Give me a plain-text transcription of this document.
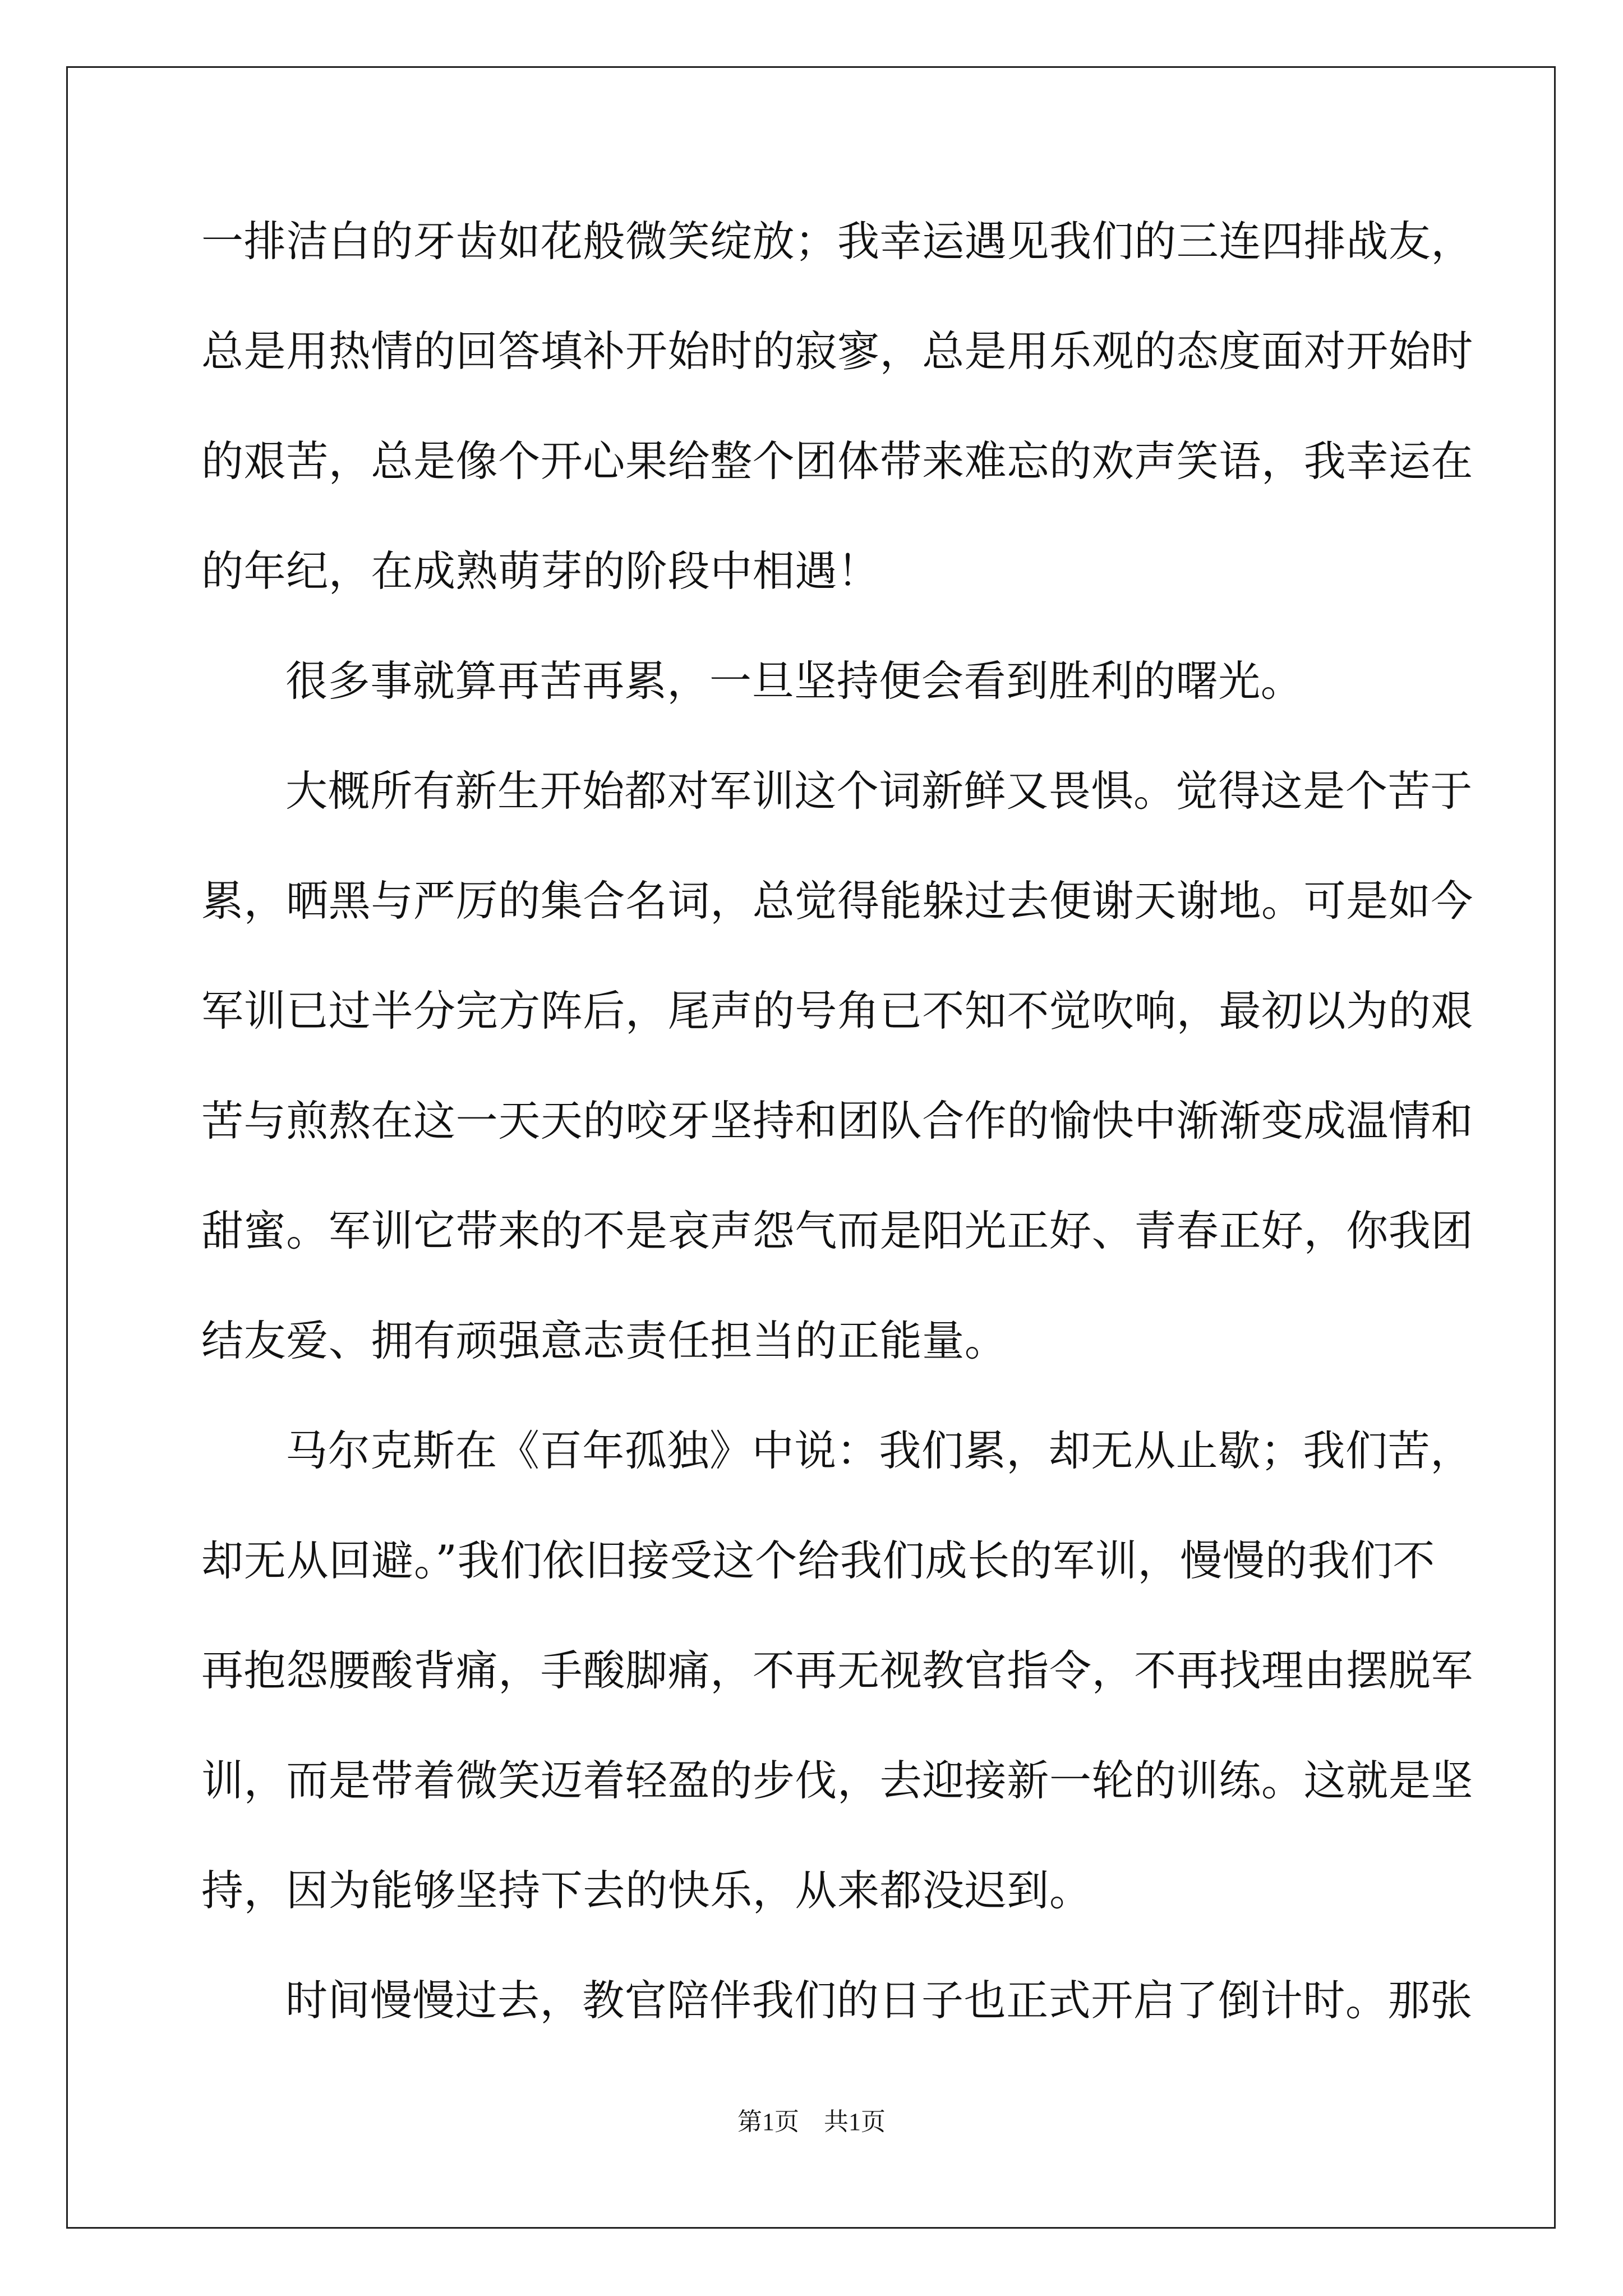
一排洁白的牙齿如花般微笑绽放；我幸运遇见我们的三连四排战友，
总是用热情的回答填补开始时的寂寥，总是用乐观的态度面对开始时
的艰苦，总是像个开心果给整个团体带来难忘的欢声笑语，我幸运在
的年纪，在成熟萌芽的阶段中相遇！
很多事就算再苦再累，一旦坚持便会看到胜利的曙光。
大概所有新生开始都对军训这个词新鲜又畏惧。觉得这是个苦于
累，晒黑与严厉的集合名词，总觉得能躲过去便谢天谢地。可是如今
军训已过半分完方阵后，尾声的号角已不知不觉吹响，最初以为的艰
苦与煎熬在这一天天的咬牙坚持和团队合作的愉快中渐渐变成温情和
甜蜜。军训它带来的不是哀声怨气而是阳光正好、青春正好，你我团
结友爱、拥有顽强意志责任担当的正能量。
马尔克斯在《百年孤独》中说：我们累，却无从止歇；我们苦，
却无从回避。”我们依旧接受这个给我们成长的军训，慢慢的我们不
再抱怨腰酸背痛，手酸脚痛，不再无视教官指令，不再找理由摆脱军
训，而是带着微笑迈着轻盈的步伐，去迎接新一轮的训练。这就是坚
持，因为能够坚持下去的快乐，从来都没迟到。
时间慢慢过去，教官陪伴我们的日子也正式开启了倒计时。那张
第1页　共1页
